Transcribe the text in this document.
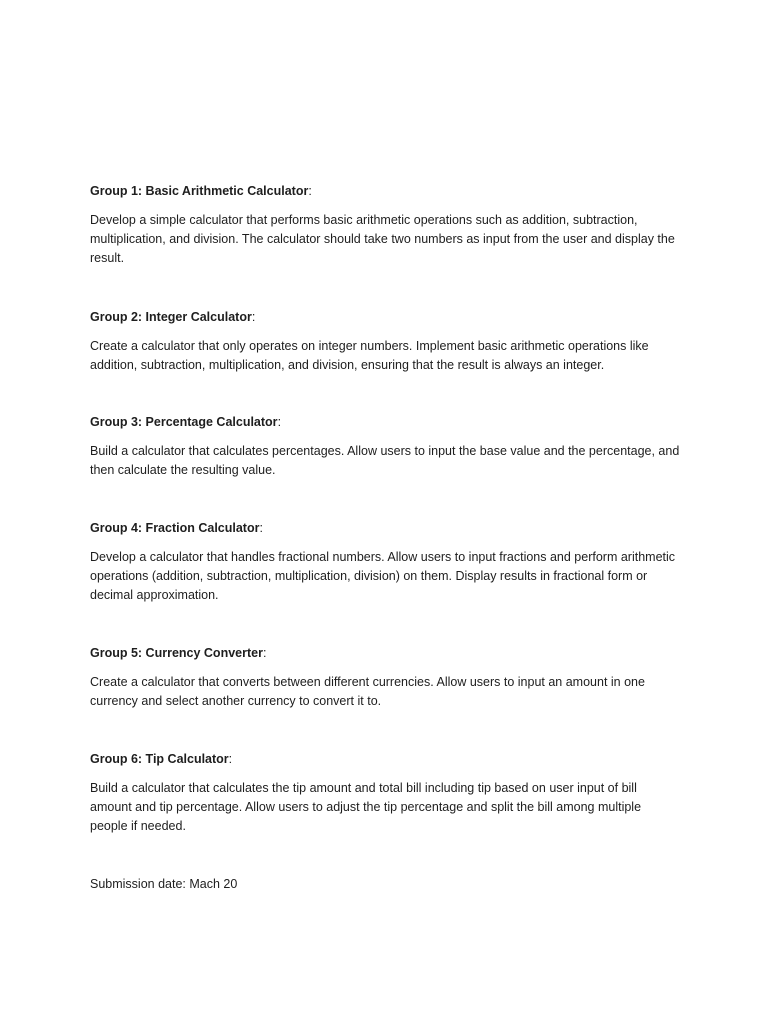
Group 1: Basic Arithmetic Calculator:

Develop a simple calculator that performs basic arithmetic operations such as addition, subtraction, multiplication, and division. The calculator should take two numbers as input from the user and display the result.

Group 2: Integer Calculator:

Create a calculator that only operates on integer numbers. Implement basic arithmetic operations like addition, subtraction, multiplication, and division, ensuring that the result is always an integer.

Group 3: Percentage Calculator:

Build a calculator that calculates percentages. Allow users to input the base value and the percentage, and then calculate the resulting value.

Group 4: Fraction Calculator:

Develop a calculator that handles fractional numbers. Allow users to input fractions and perform arithmetic operations (addition, subtraction, multiplication, division) on them. Display results in fractional form or decimal approximation.

Group 5: Currency Converter:

Create a calculator that converts between different currencies. Allow users to input an amount in one currency and select another currency to convert it to.

Group 6: Tip Calculator:

Build a calculator that calculates the tip amount and total bill including tip based on user input of bill amount and tip percentage. Allow users to adjust the tip percentage and split the bill among multiple people if needed.

Submission date: Mach 20
